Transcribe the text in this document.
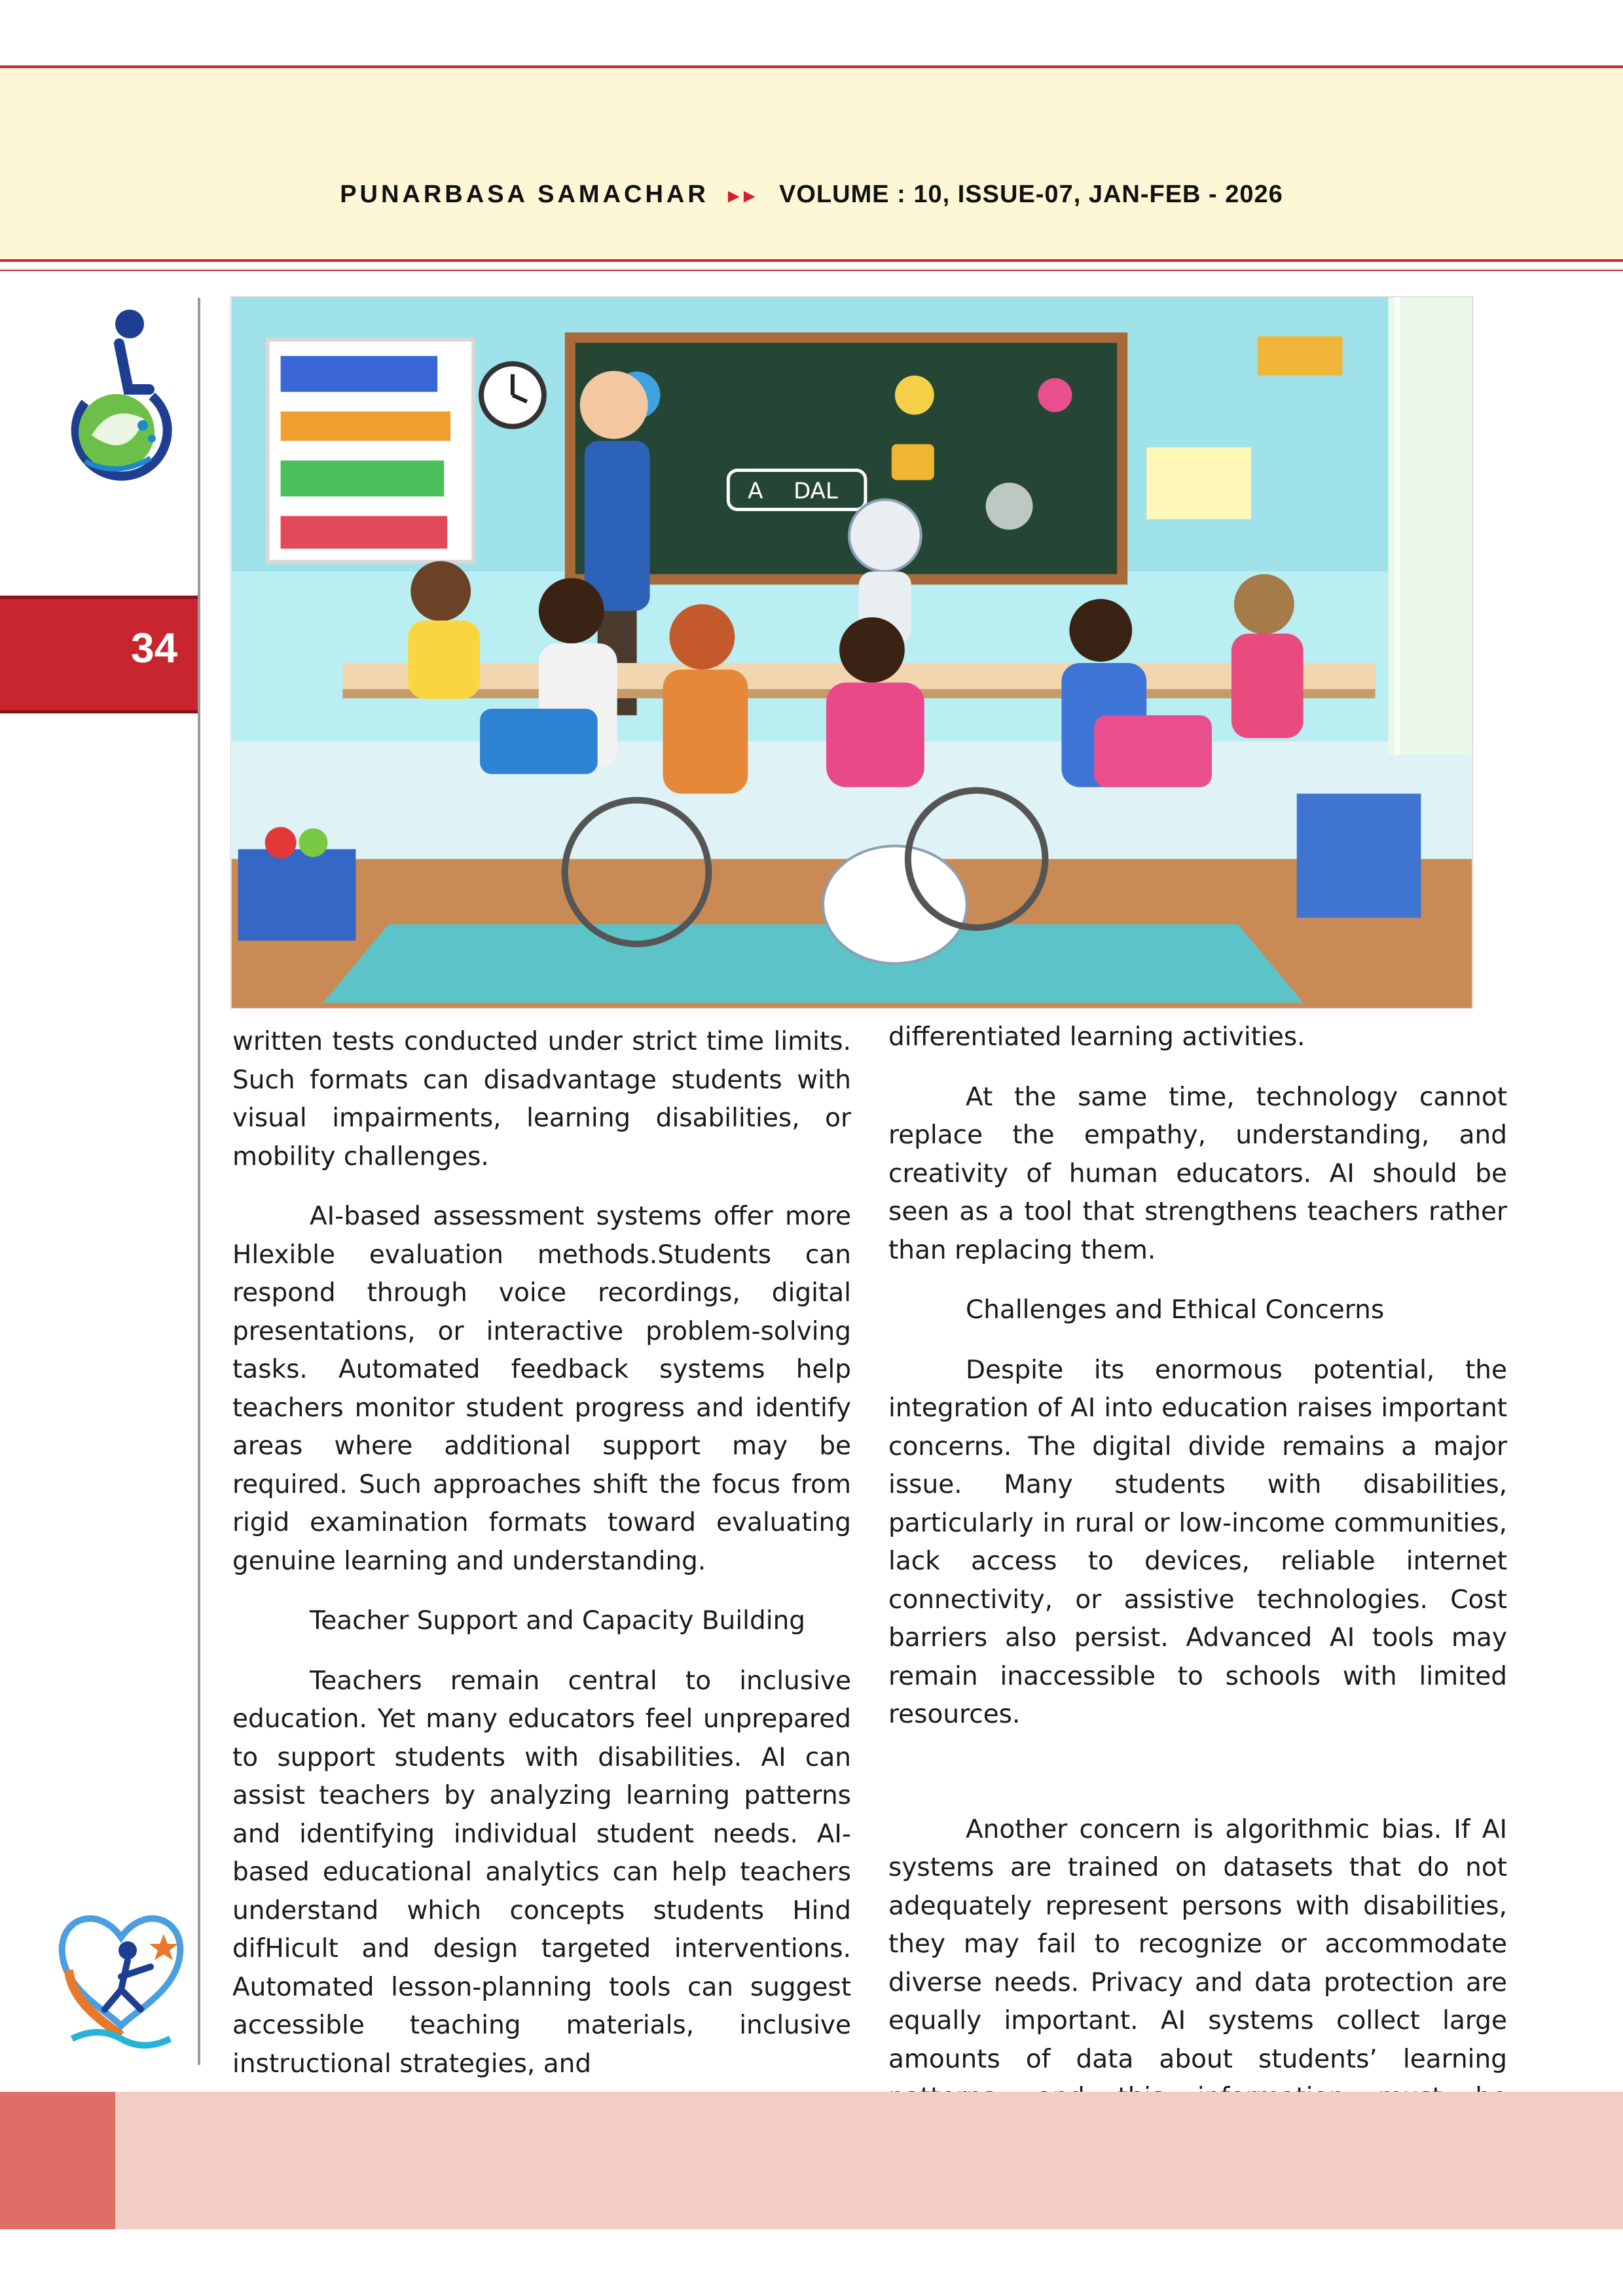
PUNARBASA SAMACHAR ▸▸ VOLUME : 10, ISSUE-07, JAN-FEB - 2026
34
A DAL

written tests conducted under strict time limits. Such formats can disadvantage students with visual impairments, learning disabilities, or mobility challenges.

AI-based assessment systems offer more Hlexible evaluation methods.Students can respond through voice recordings, digital presentations, or interactive problem-solving tasks. Automated feedback systems help teachers monitor student progress and identify areas where additional support may be required. Such approaches shift the focus from rigid examination formats toward evaluating genuine learning and understanding.

Teacher Support and Capacity Building

Teachers remain central to inclusive education. Yet many educators feel unprepared to support students with disabilities. AI can assist teachers by analyzing learning patterns and identifying individual student needs. AI-based educational analytics can help teachers understand which concepts students Hind difHicult and design targeted interventions. Automated lesson-planning tools can suggest accessible teaching materials, inclusive instructional strategies, and

differentiated learning activities.

At the same time, technology cannot replace the empathy, understanding, and creativity of human educators. AI should be seen as a tool that strengthens teachers rather than replacing them.

Challenges and Ethical Concerns

Despite its enormous potential, the integration of AI into education raises important concerns. The digital divide remains a major issue. Many students with disabilities, particularly in rural or low-income communities, lack access to devices, reliable internet connectivity, or assistive technologies. Cost barriers also persist. Advanced AI tools may remain inaccessible to schools with limited resources.

Another concern is algorithmic bias. If AI systems are trained on datasets that do not adequately represent persons with disabilities, they may fail to recognize or accommodate diverse needs. Privacy and data protection are equally important. AI systems collect large amounts of data about students’ learning
